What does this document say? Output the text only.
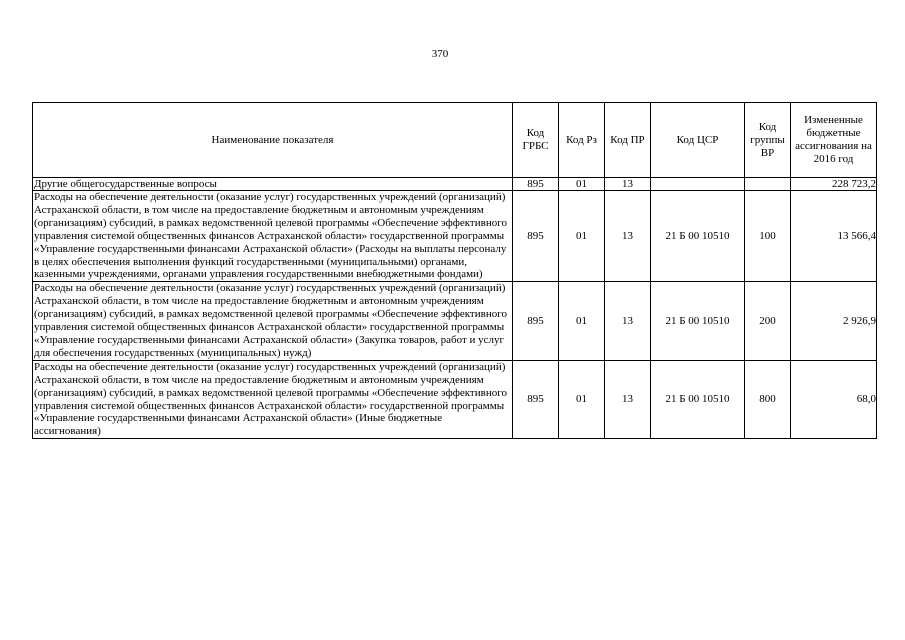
370
Наименование показателя	Код ГРБС	Код Рз	Код ПР	Код ЦСР	Код группы ВР	Измененные бюджетные ассигнования на 2016 год
Другие общегосударственные вопросы	895	01	13			228 723,2
Расходы на обеспечение деятельности (оказание услуг) государственных учреждений (организаций) Астраханской области, в том числе на предоставление бюджетным и автономным учреждениям (организациям) субсидий, в рамках ведомственной целевой программы «Обеспечение эффективного управления системой общественных финансов Астраханской области» государственной программы «Управление государственными финансами Астраханской области» (Расходы на выплаты персоналу в целях обеспечения выполнения функций государственными (муниципальными) органами, казенными учреждениями, органами управления государственными внебюджетными фондами)	895	01	13	21 Б 00 10510	100	13 566,4
Расходы на обеспечение деятельности (оказание услуг) государственных учреждений (организаций) Астраханской области, в том числе на предоставление бюджетным и автономным учреждениям (организациям) субсидий, в рамках ведомственной целевой программы «Обеспечение эффективного управления системой общественных финансов Астраханской области» государственной программы «Управление государственными финансами Астраханской области» (Закупка товаров, работ и услуг для обеспечения государственных (муниципальных) нужд)	895	01	13	21 Б 00 10510	200	2 926,9
Расходы на обеспечение деятельности (оказание услуг) государственных учреждений (организаций) Астраханской области, в том числе на предоставление бюджетным и автономным учреждениям (организациям) субсидий, в рамках ведомственной целевой программы «Обеспечение эффективного управления системой общественных финансов Астраханской области» государственной программы «Управление государственными финансами Астраханской области» (Иные бюджетные ассигнования)	895	01	13	21 Б 00 10510	800	68,0
